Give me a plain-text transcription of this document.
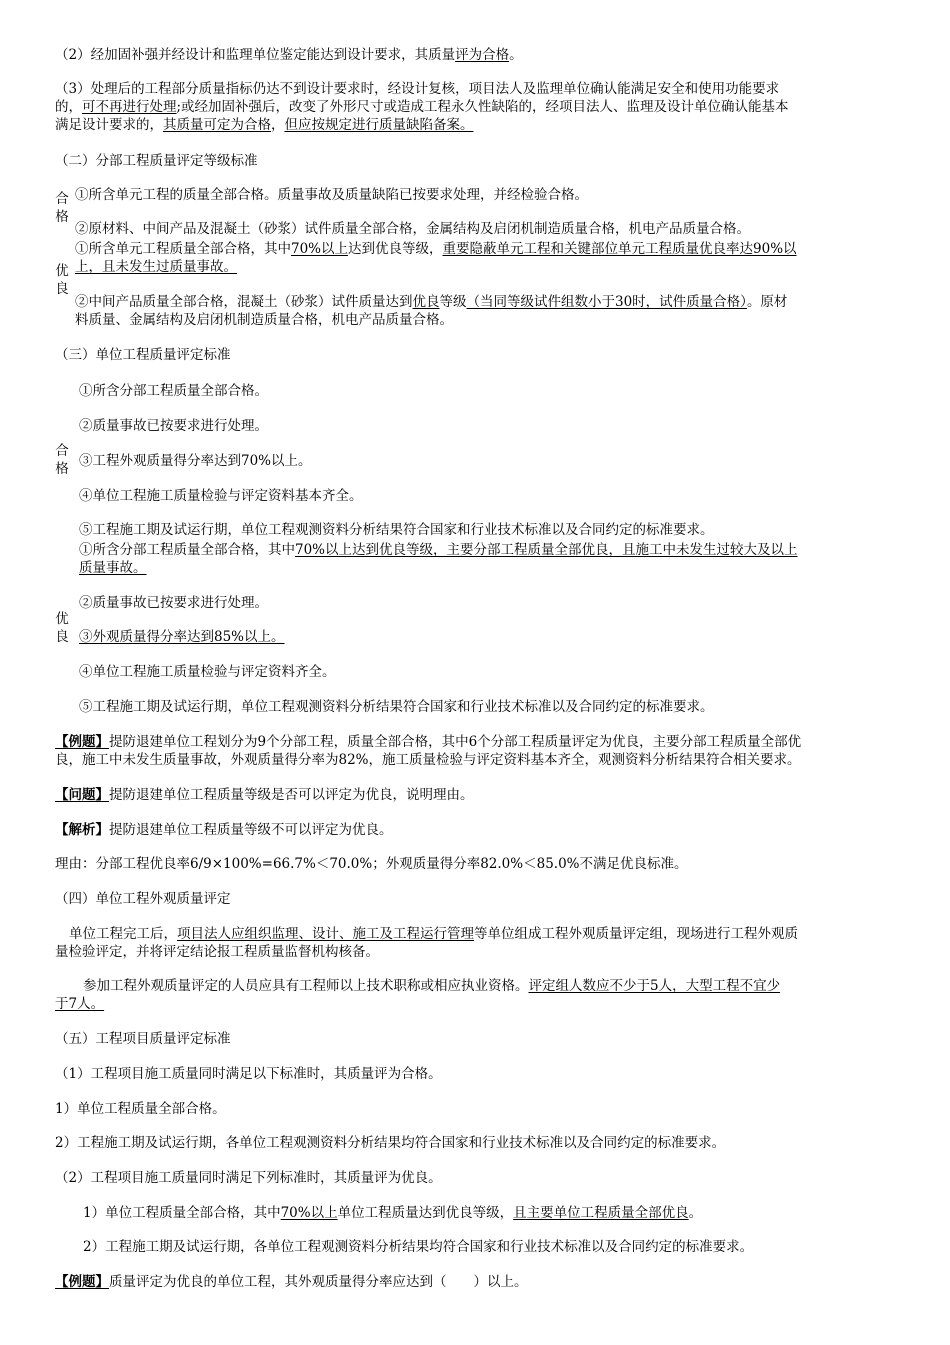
（2）经加固补强并经设计和监理单位鉴定能达到设计要求，其质量评为合格。
（3）处理后的工程部分质量指标仍达不到设计要求时，经设计复核，项目法人及监理单位确认能满足安全和使用功能要求
的，可不再进行处理;或经加固补强后，改变了外形尺寸或造成工程永久性缺陷的，经项目法人、监理及设计单位确认能基本
满足设计要求的，其质量可定为合格，但应按规定进行质量缺陷备案。
（二）分部工程质量评定等级标准
合格
①所含单元工程的质量全部合格。质量事故及质量缺陷已按要求处理，并经检验合格。
②原材料、中间产品及混凝土（砂浆）试件质量全部合格，金属结构及启闭机制造质量合格，机电产品质量合格。
优良
①所含单元工程质量全部合格，其中70%以上达到优良等级，重要隐蔽单元工程和关键部位单元工程质量优良率达90%以
上，且未发生过质量事故。
②中间产品质量全部合格，混凝土（砂浆）试件质量达到优良等级（当同等级试件组数小于30时，试件质量合格）。原材
料质量、金属结构及启闭机制造质量合格，机电产品质量合格。
（三）单位工程质量评定标准
合格
①所含分部工程质量全部合格。
②质量事故已按要求进行处理。
③工程外观质量得分率达到70%以上。
④单位工程施工质量检验与评定资料基本齐全。
⑤工程施工期及试运行期，单位工程观测资料分析结果符合国家和行业技术标准以及合同约定的标准要求。
优良
①所含分部工程质量全部合格，其中70%以上达到优良等级，主要分部工程质量全部优良，且施工中未发生过较大及以上
质量事故。
②质量事故已按要求进行处理。
③外观质量得分率达到85%以上。
④单位工程施工质量检验与评定资料齐全。
⑤工程施工期及试运行期，单位工程观测资料分析结果符合国家和行业技术标准以及合同约定的标准要求。
【例题】提防退建单位工程划分为9个分部工程，质量全部合格，其中6个分部工程质量评定为优良，主要分部工程质量全部优
良，施工中未发生质量事故，外观质量得分率为82%，施工质量检验与评定资料基本齐全，观测资料分析结果符合相关要求。
【问题】提防退建单位工程质量等级是否可以评定为优良，说明理由。
【解析】提防退建单位工程质量等级不可以评定为优良。
理由：分部工程优良率6/9×100%=66.7%＜70.0%；外观质量得分率82.0%＜85.0%不满足优良标准。
（四）单位工程外观质量评定
单位工程完工后，项目法人应组织监理、设计、施工及工程运行管理等单位组成工程外观质量评定组，现场进行工程外观质
量检验评定，并将评定结论报工程质量监督机构核备。
参加工程外观质量评定的人员应具有工程师以上技术职称或相应执业资格。评定组人数应不少于5人，大型工程不宜少
于7人。
（五）工程项目质量评定标准
（1）工程项目施工质量同时满足以下标准时，其质量评为合格。
1）单位工程质量全部合格。
2）工程施工期及试运行期，各单位工程观测资料分析结果均符合国家和行业技术标准以及合同约定的标准要求。
（2）工程项目施工质量同时满足下列标准时，其质量评为优良。
1）单位工程质量全部合格，其中70%以上单位工程质量达到优良等级，且主要单位工程质量全部优良。
2）工程施工期及试运行期，各单位工程观测资料分析结果均符合国家和行业技术标准以及合同约定的标准要求。
【例题】质量评定为优良的单位工程，其外观质量得分率应达到（　　）以上。
